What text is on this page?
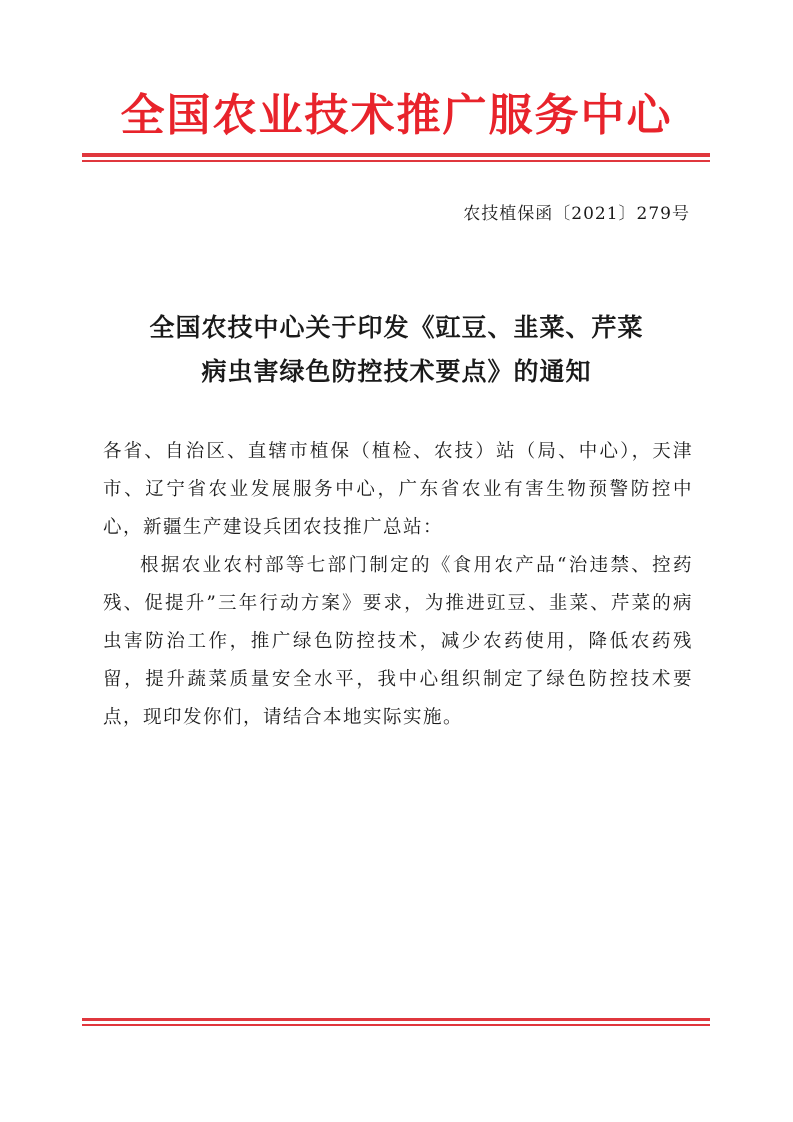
全国农业技术推广服务中心
农技植保函〔2021〕279号
全国农技中心关于印发《豇豆、韭菜、芹菜
病虫害绿色防控技术要点》的通知
各省、自治区、直辖市植保（植检、农技）站（局、中心），天津市、辽宁省农业发展服务中心，广东省农业有害生物预警防控中心，新疆生产建设兵团农技推广总站：
根据农业农村部等七部门制定的《食用农产品“治违禁、控药残、促提升”三年行动方案》要求，为推进豇豆、韭菜、芹菜的病虫害防治工作，推广绿色防控技术，减少农药使用，降低农药残留，提升蔬菜质量安全水平，我中心组织制定了绿色防控技术要点，现印发你们，请结合本地实际实施。
